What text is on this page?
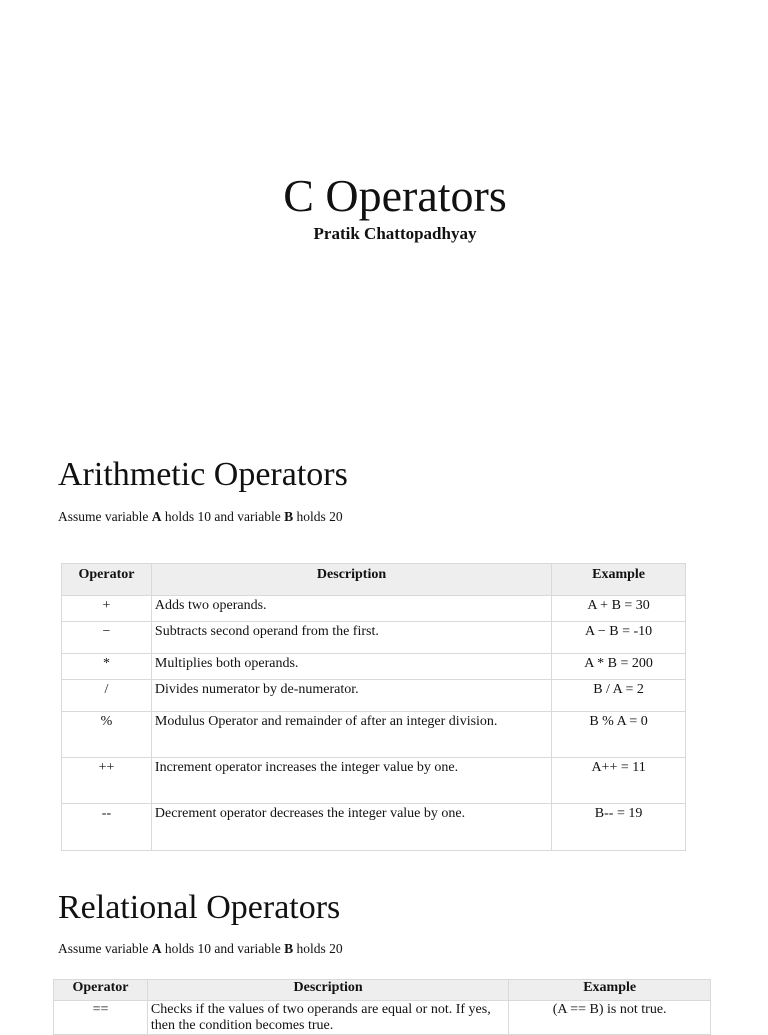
C Operators
Pratik Chattopadhyay
Arithmetic Operators
Assume variable A holds 10 and variable B holds 20
Operator	Description	Example
+	Adds two operands.	A + B = 30
−	Subtracts second operand from the first.	A − B = -10
*	Multiplies both operands.	A * B = 200
/	Divides numerator by de-numerator.	B / A = 2
%	Modulus Operator and remainder of after an integer division.	B % A = 0
++	Increment operator increases the integer value by one.	A++ = 11
--	Decrement operator decreases the integer value by one.	B-- = 19
Relational Operators
Assume variable A holds 10 and variable B holds 20
Operator	Description	Example
==	Checks if the values of two operands are equal or not. If yes, then the condition becomes true.	(A == B) is not true.
